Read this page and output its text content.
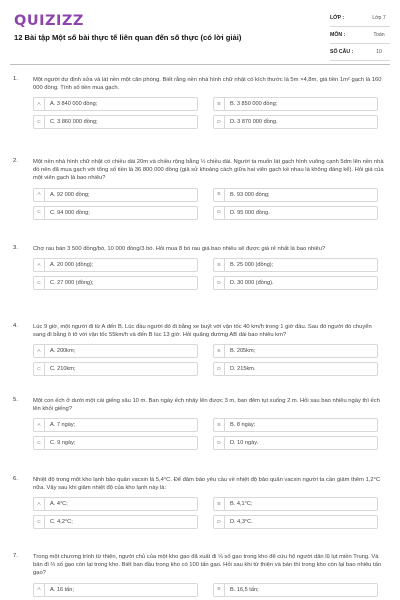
QUIZIZZ
12 Bài tập Một số bài thực tế liên quan đến số thực (có lời giải)
LỚP :	Lớp 7
MÔN :	Toán
SỐ CÂU :	10
1.	Một người dự định sửa và lát nền một căn phòng. Biết rằng nền nhà hình chữ nhật có kích thước là 5m ×4,8m, giá tiền 1m² gạch là 160 000 đồng. Tính số tiền mua gạch.
A	A. 3 840 000 đồng;	B	B. 3 850 000 đồng;
C	C. 3 860 000 đồng;	D	D. 3 870 000 đồng.
2.	Một nền nhà hình chữ nhật có chiều dài 20m và chiều rộng bằng ½ chiều dài. Người ta muốn lát gạch hình vuông cạnh 5dm lên nền nhà đó nên đã mua gạch với tổng số tiền là 36 800 000 đồng (giả sử khoảng cách giữa hai viên gạch kề nhau là không đáng kể). Hỏi giá của một viên gạch là bao nhiêu?
A	A. 92 000 đồng;	B	B. 93 000 đồng;
C	C. 94 000 đồng;	D	D. 95 000 đồng.
3.	Chợ rau bán 3 500 đồng/bó, 10 000 đồng/3 bó. Hỏi mua 8 bó rau giá bao nhiêu sẽ được giá rẻ nhất là bao nhiêu?
A	A. 20 000 (đồng);	B	B. 25 000 (đồng);
C	C. 27 000 (đồng);	D	D. 30 000 (đồng).
4.	Lúc 9 giờ, một người đi từ A đến B. Lúc đầu người đó đi bằng xe buýt với vận tốc 40 km/h trong 1 giờ đầu. Sau đó người đó chuyển sang đi bằng ô tô với vận tốc 55km/h và đến B lúc 13 giờ. Hỏi quãng đường AB dài bao nhiêu km?
A	A. 200km;	B	B. 205km;
C	C. 210km;	D	D. 215km.
5.	Một con ếch ở dưới một cái giếng sâu 10 m. Ban ngày ếch nhảy lên được 3 m, ban đêm tụt xuống 2 m. Hỏi sau bao nhiêu ngày thì ếch lên khỏi giếng?
A	A. 7 ngày;	B	B. 8 ngày;
C	C. 9 ngày;	D	D. 10 ngày.
6.	Nhiệt độ trong một kho lạnh bảo quản vacxin là 5,4°C. Để đảm bảo yêu cầu về nhiệt độ bảo quản vacxin người ta cần giảm thêm 1,2°C nữa. Vậy sau khi giảm nhiệt độ của kho lạnh này là:
A	A. 4°C;	B	B. 4,1°C;
C	C. 4,2°C;	D	D. 4,3°C.
7.	Trong một chương trình từ thiện, người chủ của một kho gạo đã xuất đi ⅓ số gạo trong kho để cứu hộ người dân lũ lụt miền Trung. Và bán đi ⅔ số gạo còn lại trong kho. Biết ban đầu trong kho có 100 tấn gạo. Hỏi sau khi từ thiện và bán thì trong kho còn lại bao nhiêu tấn gạo?
A	A. 16 tấn;	B	B. 16,5 tấn;
